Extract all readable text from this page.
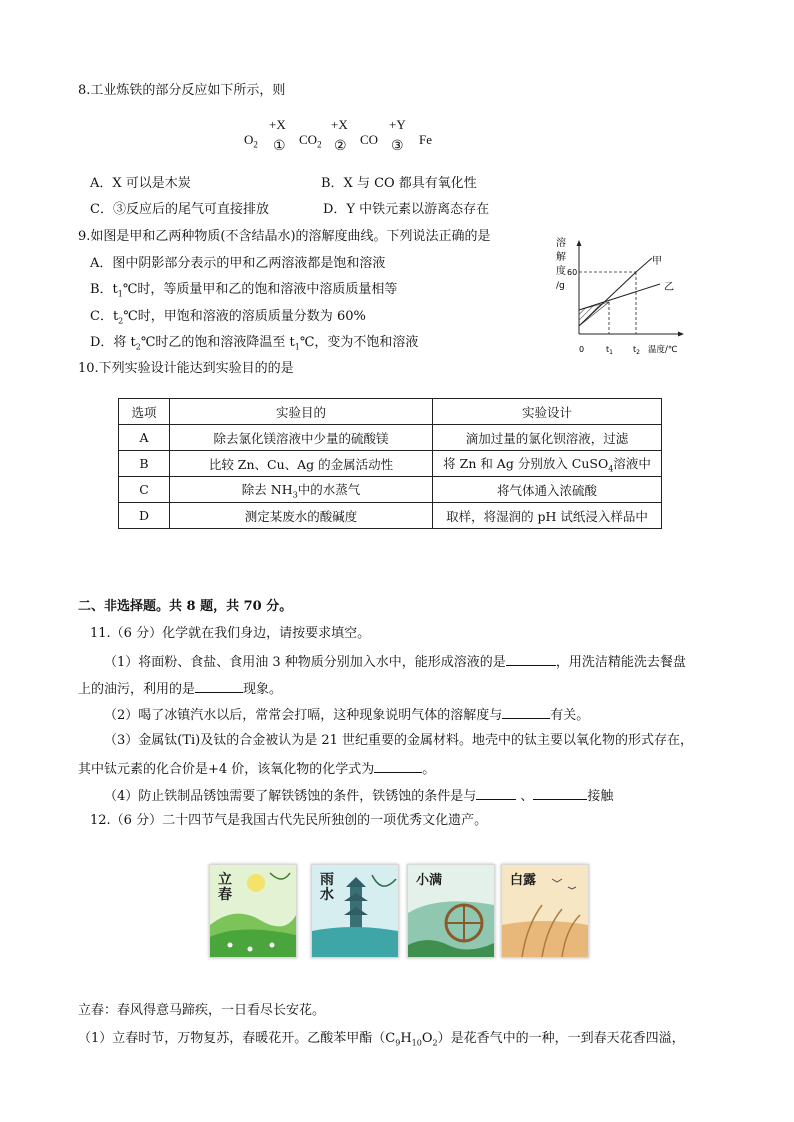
8.工业炼铁的部分反应如下所示，则
$O_2$
+X
① $CO_2$
+X
② CO
+Y
③ Fe
A．X 可以是木炭	B．X 与 CO 都具有氧化性
C．③反应后的尾气可直接排放	D．Y 中铁元素以游离态存在
9.如图是甲和乙两种物质(不含结晶水)的溶解度曲线。下列说法正确的是
A．图中阴影部分表示的甲和乙两溶液都是饱和溶液
B．$t_1℃$时，等质量甲和乙的饱和溶液中溶质质量相等
C．$t_2℃$时，甲饱和溶液的溶质质量分数为 60%
D．将 $t_2℃$时乙的饱和溶液降温至 $t_1℃$，变为不饱和溶液
溶
解
度
/g
60
0	$t_1$	$t_2$ 温度/℃
甲
乙
10.下列实验设计能达到实验目的的是
选项	实验目的	实验设计
A	除去氯化镁溶液中少量的硫酸镁	滴加过量的氯化钡溶液，过滤
B	比较 Zn、Cu、Ag 的金属活动性	将 Zn 和 Ag 分别放入 CuSO$_4$溶液中
C	除去 $NH_3$中的水蒸气	将气体通入浓硫酸
D	测定某废水的酸碱度	取样，将湿润的 pH 试纸浸入样品中
二、非选择题。共 8 题，共 70 分。
11.（6 分）化学就在我们身边，请按要求填空。
（1）将面粉、食盐、食用油 3 种物质分别加入水中，能形成溶液的是	，用洗洁精能洗去餐盘
上的油污，利用的是	现象。
（2）喝了冰镇汽水以后，常常会打嗝，这种现象说明气体的溶解度与	有关。
（3）金属钛(Ti)及钛的合金被认为是 21 世纪重要的金属材料。地壳中的钛主要以氧化物的形式存在，
其中钛元素的化合价是+4 价，该氧化物的化学式为	。
（4）防止铁制品锈蚀需要了解铁锈蚀的条件，铁锈蚀的条件是与	、	接触
12.（6 分）二十四节气是我国古代先民所独创的一项优秀文化遗产。
立春
雨水
小满	白露
立春：春风得意马蹄疾，一日看尽长安花。
（1）立春时节，万物复苏，春暖花开。乙酸苯甲酯$(C_9H_{10}O_2)$是花香气中的一种，一到春天花香四溢，
